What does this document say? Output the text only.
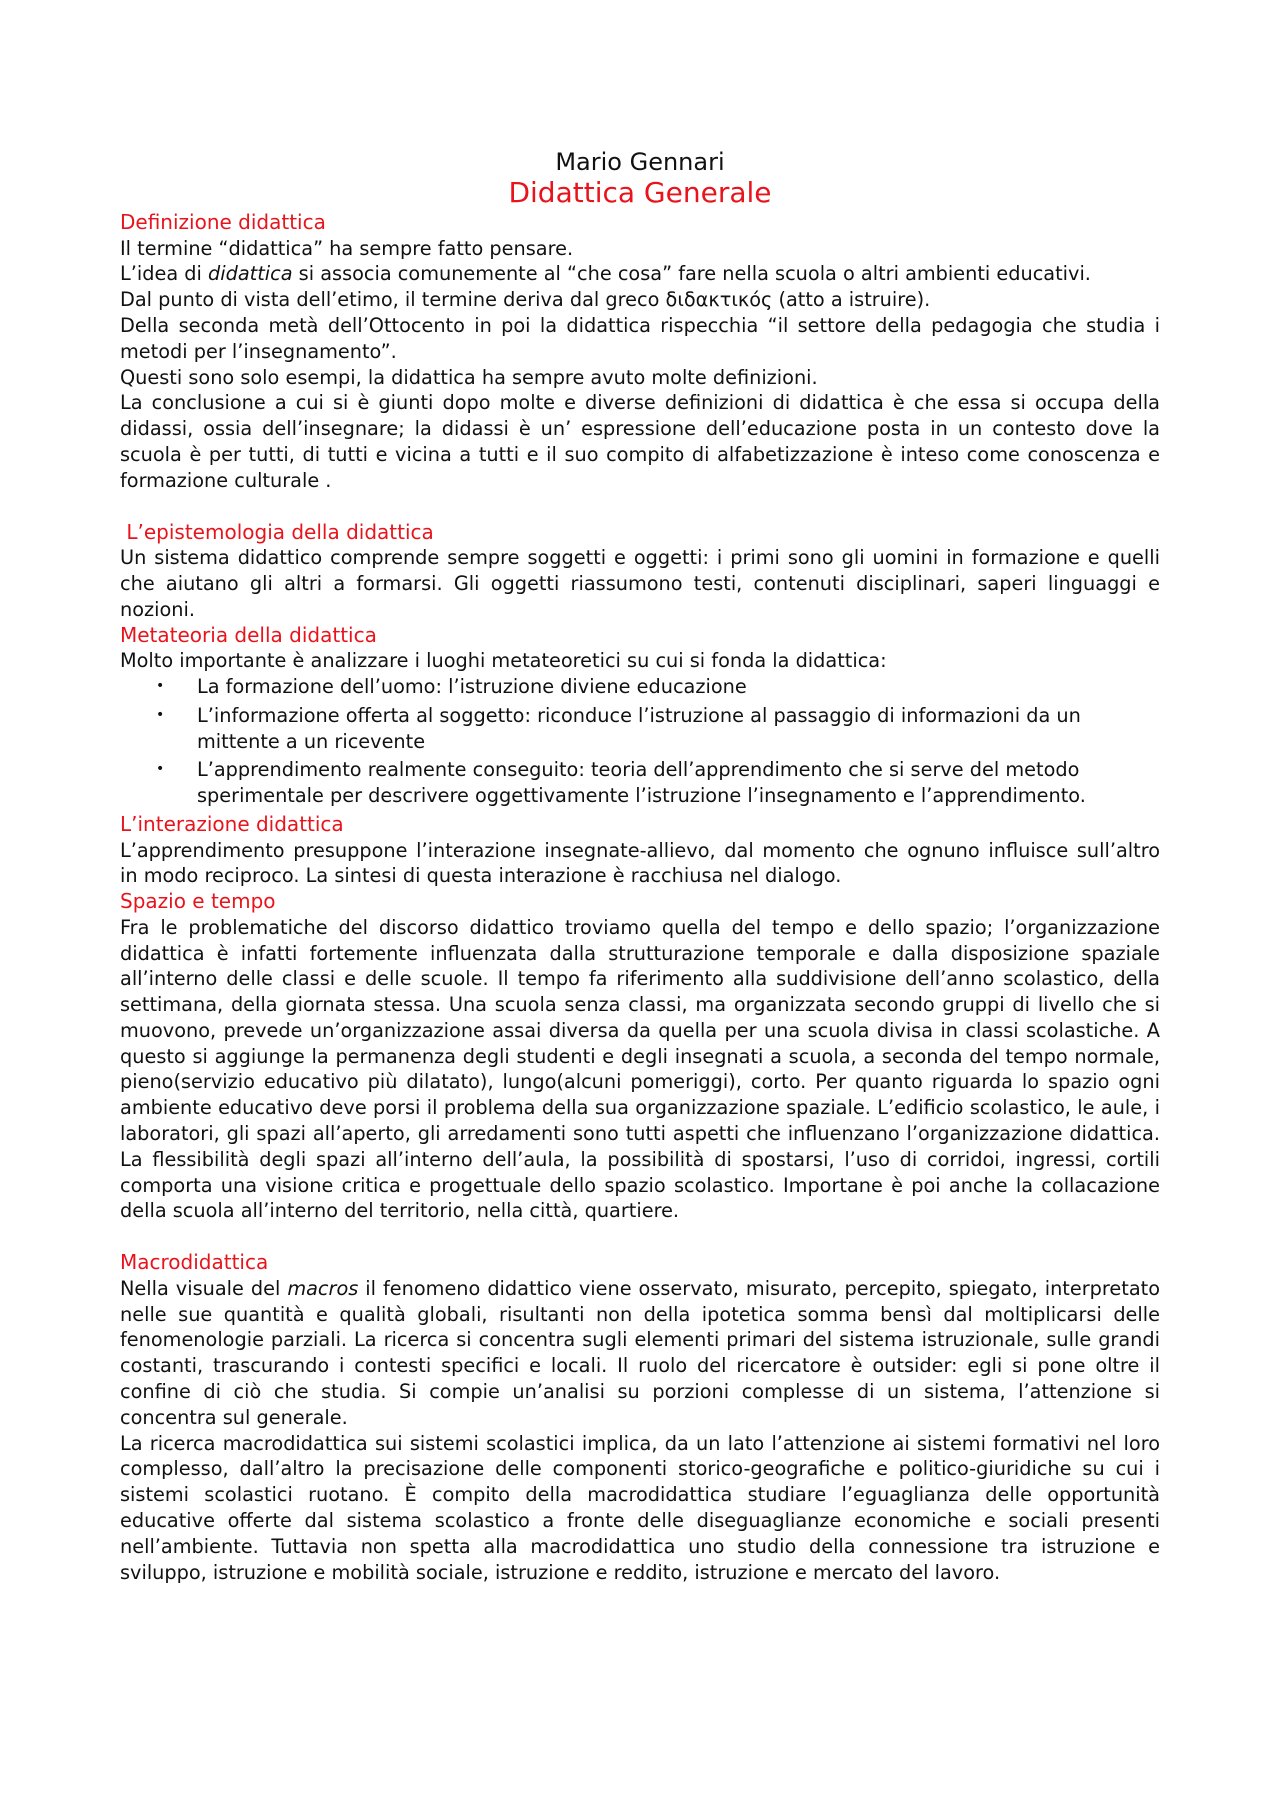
Mario Gennari
Didattica Generale
Definizione didattica

Il termine “didattica” ha sempre fatto pensare.

L’idea di didattica si associa comunemente al “che cosa” fare nella scuola o altri ambienti educativi.

Dal punto di vista dell’etimo, il termine deriva dal greco διδακτικός (atto a istruire).

Della seconda metà dell’Ottocento in poi la didattica rispecchia “il settore della pedagogia che studia i metodi per l’insegnamento”.

Questi sono solo esempi, la didattica ha sempre avuto molte definizioni.

La conclusione a cui si è giunti dopo molte e diverse definizioni di didattica è che essa si occupa della didassi, ossia dell’insegnare; la didassi è un’ espressione dell’educazione posta in un contesto dove la scuola è per tutti, di tutti e vicina a tutti e il suo compito di alfabetizzazione è inteso come conoscenza e formazione culturale .

L’epistemologia della didattica

Un sistema didattico comprende sempre soggetti e oggetti: i primi sono gli uomini in formazione e quelli che aiutano gli altri a formarsi. Gli oggetti riassumono testi, contenuti disciplinari, saperi linguaggi e nozioni.

Metateoria della didattica

Molto importante è analizzare i luoghi metateoretici su cui si fonda la didattica:

• La formazione dell’uomo: l’istruzione diviene educazione
• L’informazione offerta al soggetto: riconduce l’istruzione al passaggio di informazioni da un mittente a un ricevente
• L’apprendimento realmente conseguito: teoria dell’apprendimento che si serve del metodo sperimentale per descrivere oggettivamente l’istruzione l’insegnamento e l’apprendimento.
L’interazione didattica

L’apprendimento presuppone l’interazione insegnate-allievo, dal momento che ognuno influisce sull’altro in modo reciproco. La sintesi di questa interazione è racchiusa nel dialogo.

Spazio e tempo

Fra le problematiche del discorso didattico troviamo quella del tempo e dello spazio; l’organizzazione didattica è infatti fortemente influenzata dalla strutturazione temporale e dalla disposizione spaziale all’interno delle classi e delle scuole. Il tempo fa riferimento alla suddivisione dell’anno scolastico, della settimana, della giornata stessa. Una scuola senza classi, ma organizzata secondo gruppi di livello che si muovono, prevede un’organizzazione assai diversa da quella per una scuola divisa in classi scolastiche. A questo si aggiunge la permanenza degli studenti e degli insegnati a scuola, a seconda del tempo normale, pieno(servizio educativo più dilatato), lungo(alcuni pomeriggi), corto. Per quanto riguarda lo spazio ogni ambiente educativo deve porsi il problema della sua organizzazione spaziale. L’edificio scolastico, le aule, i laboratori, gli spazi all’aperto, gli arredamenti sono tutti aspetti che influenzano l’organizzazione didattica. La flessibilità degli spazi all’interno dell’aula, la possibilità di spostarsi, l’uso di corridoi, ingressi, cortili comporta una visione critica e progettuale dello spazio scolastico. Importane è poi anche la collacazione della scuola all’interno del territorio, nella città, quartiere.

Macrodidattica

Nella visuale del macros il fenomeno didattico viene osservato, misurato, percepito, spiegato, interpretato nelle sue quantità e qualità globali, risultanti non della ipotetica somma bensì dal moltiplicarsi delle fenomenologie parziali. La ricerca si concentra sugli elementi primari del sistema istruzionale, sulle grandi costanti, trascurando i contesti specifici e locali. Il ruolo del ricercatore è outsider: egli si pone oltre il confine di ciò che studia. Si compie un’analisi su porzioni complesse di un sistema, l’attenzione si concentra sul generale.

La ricerca macrodidattica sui sistemi scolastici implica, da un lato l’attenzione ai sistemi formativi nel loro complesso, dall’altro la precisazione delle componenti storico-geografiche e politico-giuridiche su cui i sistemi scolastici ruotano. È compito della macrodidattica studiare l’eguaglianza delle opportunità educative offerte dal sistema scolastico a fronte delle diseguaglianze economiche e sociali presenti nell’ambiente. Tuttavia non spetta alla macrodidattica uno studio della connessione tra istruzione e sviluppo, istruzione e mobilità sociale, istruzione e reddito, istruzione e mercato del lavoro.
